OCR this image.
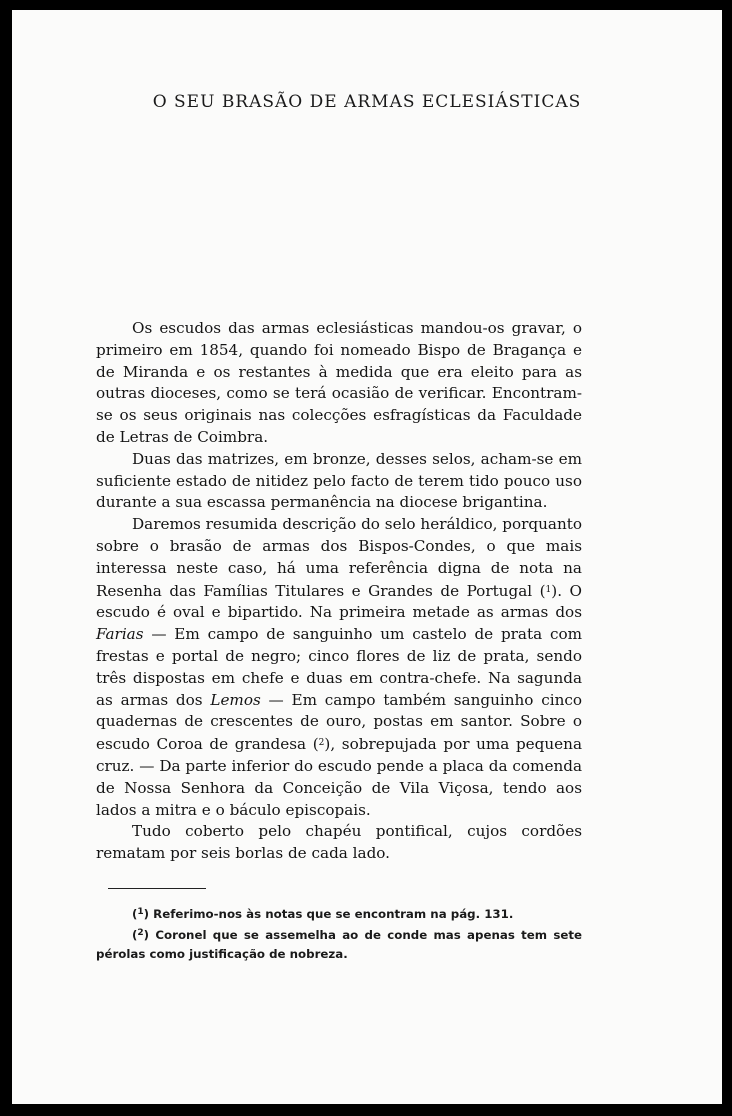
O SEU BRASÃO DE ARMAS ECLESIÁSTICAS

Os escudos das armas eclesiásticas mandou-os gravar, o primeiro em 1854, quando foi nomeado Bispo de Bragança e de Miranda e os restantes à medida que era eleito para as outras dioceses, como se terá ocasião de verificar. Encontram-se os seus originais nas colecções esfragísticas da Faculdade de Letras de Coimbra.

Duas das matrizes, em bronze, desses selos, acham-se em suficiente estado de nitidez pelo facto de terem tido pouco uso durante a sua escassa permanência na diocese brigantina.

Daremos resumida descrição do selo heráldico, porquanto sobre o brasão de armas dos Bispos-Condes, o que mais interessa neste caso, há uma referência digna de nota na Resenha das Famílias Titulares e Grandes de Portugal ($^1$). O escudo é oval e bipartido. Na primeira metade as armas dos Farias — Em campo de sanguinho um castelo de prata com frestas e portal de negro; cinco flores de liz de prata, sendo três dispostas em chefe e duas em contra-chefe. Na sagunda as armas dos Lemos — Em campo também sanguinho cinco quadernas de crescentes de ouro, postas em santor. Sobre o escudo Coroa de grandesa ($^2$), sobrepujada por uma pequena cruz. — Da parte inferior do escudo pende a placa da comenda de Nossa Senhora da Conceição de Vila Viçosa, tendo aos lados a mitra e o báculo episcopais.

Tudo coberto pelo chapéu pontifical, cujos cordões rematam por seis borlas de cada lado.

($^1$) Referimo-nos às notas que se encontram na pág. 131.

($^2$) Coronel que se assemelha ao de conde mas apenas tem sete pérolas como justificação de nobreza.
